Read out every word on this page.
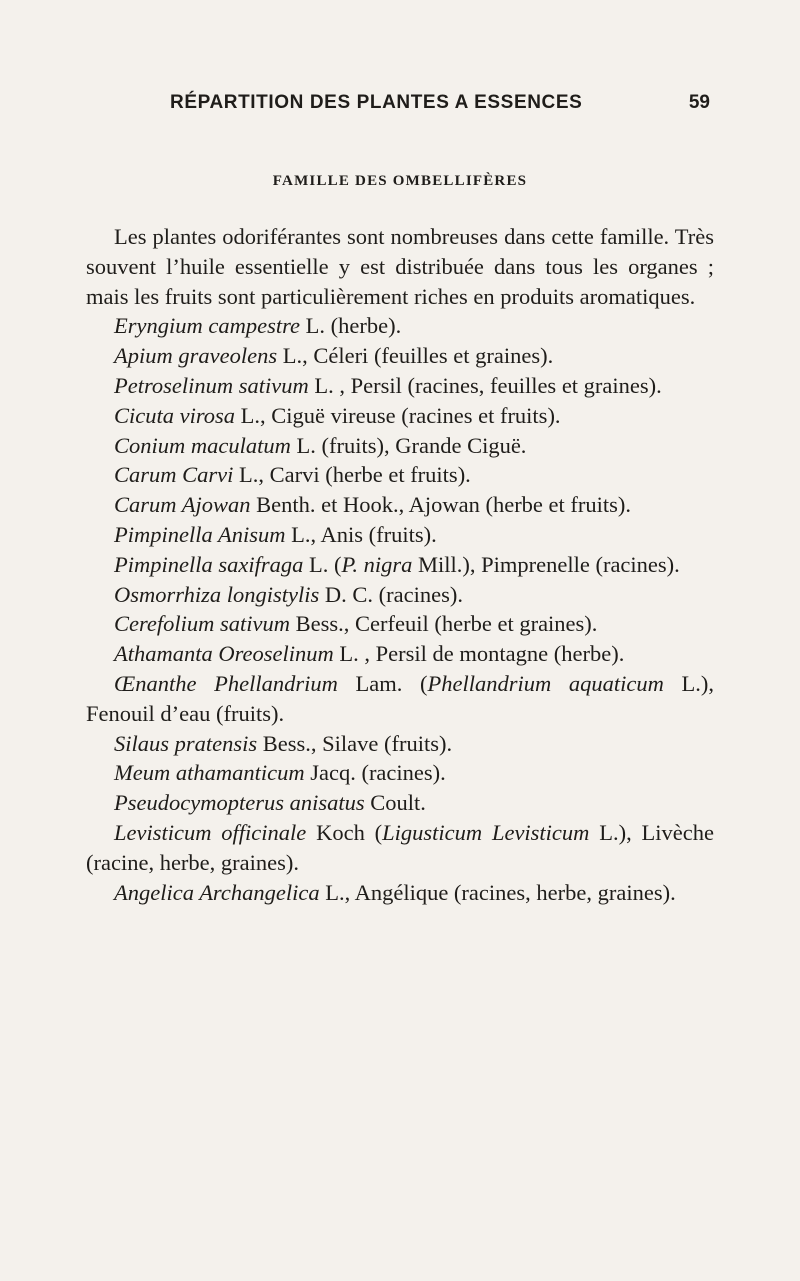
RÉPARTITION DES PLANTES A ESSENCES	59
FAMILLE DES OMBELLIFÈRES

Les plantes odoriférantes sont nombreuses dans cette famille. Très souvent l’huile essentielle y est distribuée dans tous les organes ; mais les fruits sont particulièrement riches en produits aromatiques.

Eryngium campestre L. (herbe).

Apium graveolens L., Céleri (feuilles et graines).

Petroselinum sativum L. , Persil (racines, feuilles et graines).

Cicuta virosa L., Ciguë vireuse (racines et fruits).

Conium maculatum L. (fruits), Grande Ciguë.

Carum Carvi L., Carvi (herbe et fruits).

Carum Ajowan Benth. et Hook., Ajowan (herbe et fruits).

Pimpinella Anisum L., Anis (fruits).

Pimpinella saxifraga L. (P. nigra Mill.), Pimprenelle (racines).

Osmorrhiza longistylis D. C. (racines).

Cerefolium sativum Bess., Cerfeuil (herbe et graines).

Athamanta Oreoselinum L. , Persil de montagne (herbe).

Œnanthe Phellandrium Lam. (Phellandrium aquaticum L.), Fenouil d’eau (fruits).

Silaus pratensis Bess., Silave (fruits).

Meum athamanticum Jacq. (racines).

Pseudocymopterus anisatus Coult.

Levisticum officinale Koch (Ligusticum Levisticum L.), Livèche (racine, herbe, graines).

Angelica Archangelica L., Angélique (racines, herbe, graines).
